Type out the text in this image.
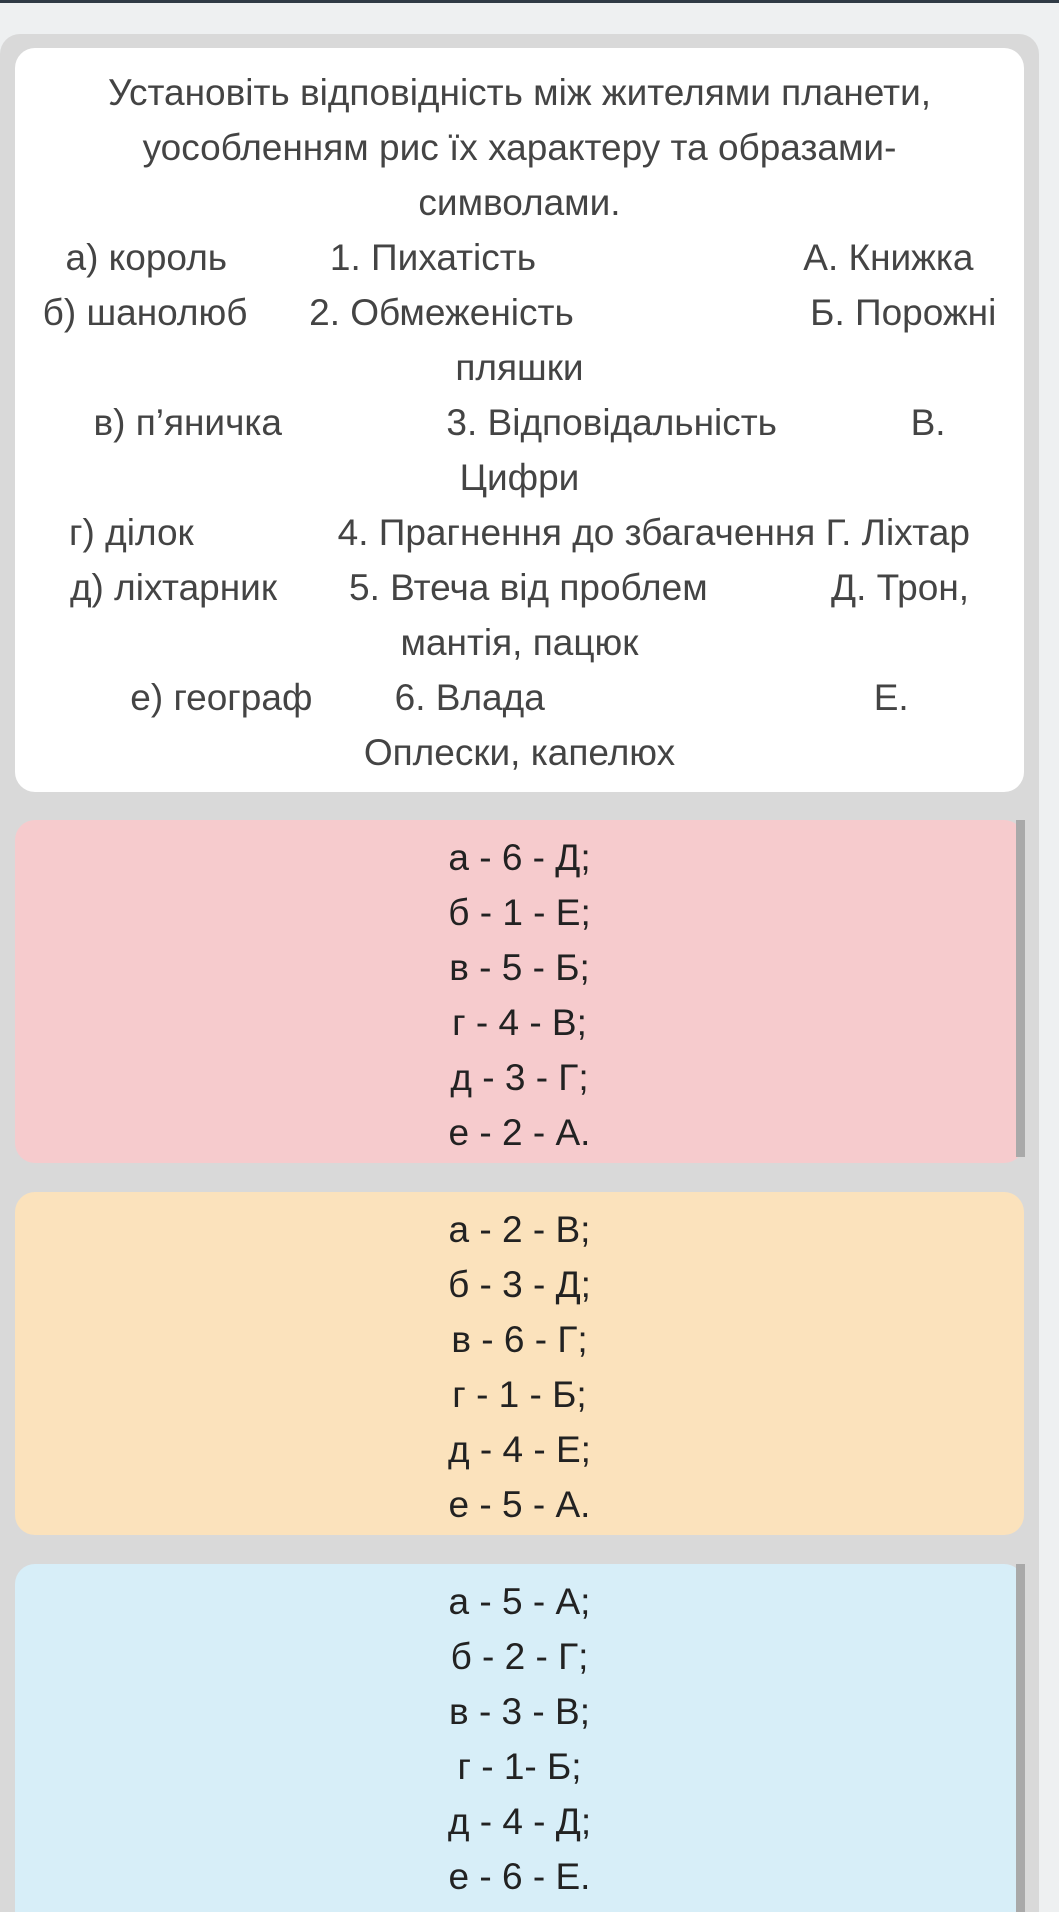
Установіть відповідність між жителями планети,
уособленням рис їх характеру та образами-
символами.
а) король          1. Пихатість                          А. Книжка
б) шанолюб      2. Обмеженість                       Б. Порожні
пляшки
в) п’яничка                3. Відповідальність             В.
Цифри
г) ділок              4. Прагнення до збагачення Г. Ліхтар
д) ліхтарник       5. Втеча від проблем            Д. Трон,
мантія, пацюк
е) географ        6. Влада                                Е.
Оплески, капелюх
а - 6 - Д;
б - 1 - Е;
в - 5 - Б;
г - 4 - В;
д - 3 - Г;
е - 2 - А.
а - 2 - В;
б - 3 - Д;
в - 6 - Г;
г - 1 - Б;
д - 4 - Е;
е - 5 - А.
а - 5 - А;
б - 2 - Г;
в - 3 - В;
г - 1- Б;
д - 4 - Д;
е - 6 - Е.
